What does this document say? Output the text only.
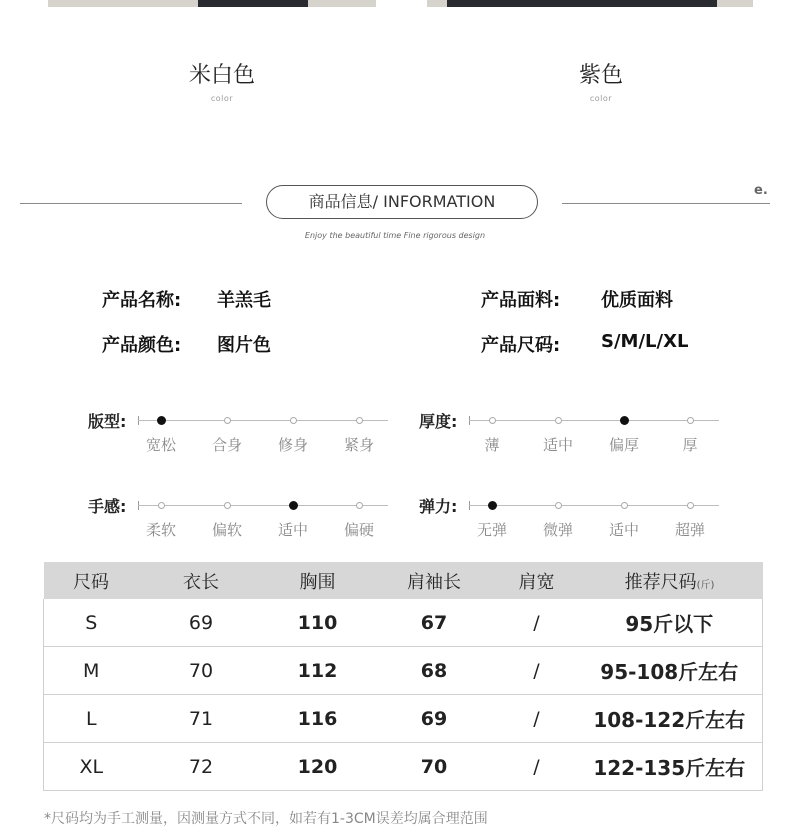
米白色
color
紫色
color
商品信息/ INFORMATION
e.
Enjoy the beautiful time Fine rigorous design
产品名称: 羊羔毛	产品面料: 优质面料
产品颜色: 图片色	产品尺码: S/M/L/XL
版型:
宽松	合身	修身	紧身
厚度:
薄	适中	偏厚	厚
手感:
柔软	偏软	适中	偏硬
弹力:
无弹	微弹	适中	超弹
尺码	衣长	胸围	肩袖长	肩宽	推荐尺码(斤)
S	69	110	67	/	95斤以下
M	70	112	68	/	95-108斤左右
L	71	116	69	/	108-122斤左右
XL	72	120	70	/	122-135斤左右
*尺码均为手工测量，因测量方式不同，如若有1-3CM误差均属合理范围
